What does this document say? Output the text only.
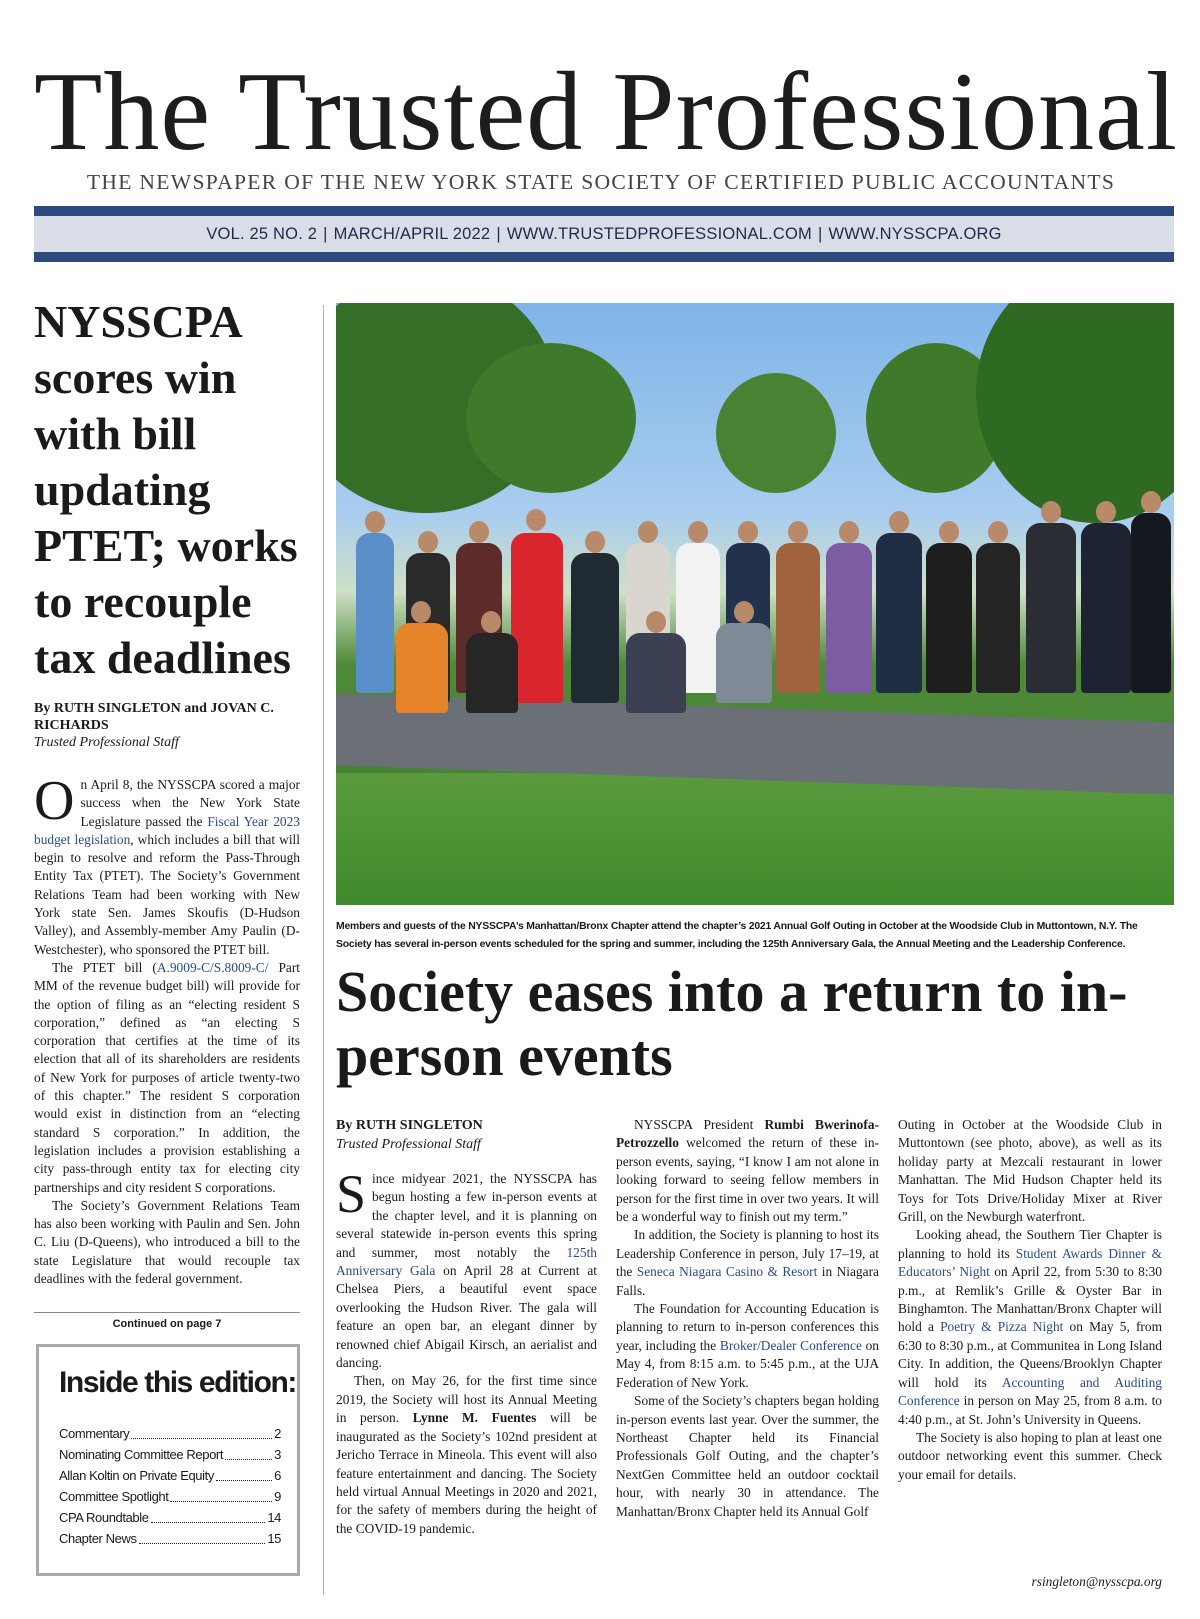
The Trusted Professional
THE NEWSPAPER OF THE NEW YORK STATE SOCIETY OF CERTIFIED PUBLIC ACCOUNTANTS
VOL. 25 NO. 2 | MARCH/APRIL 2022 | WWW.TRUSTEDPROFESSIONAL.COM | WWW.NYSSCPA.ORG
NYSSCPA scores win with bill updating PTET; works to recouple tax deadlines
By RUTH SINGLETON and JOVAN C. RICHARDS
Trusted Professional Staff

On April 8, the NYSSCPA scored a major success when the New York State Legislature passed the Fiscal Year 2023 budget legislation, which includes a bill that will begin to resolve and reform the Pass-Through Entity Tax (PTET). The Society’s Government Relations Team had been working with New York state Sen. James Skoufis (D-Hudson Valley), and Assembly-member Amy Paulin (D-Westchester), who sponsored the PTET bill.

The PTET bill (A.9009-C/S.8009-C/ Part MM of the revenue budget bill) will provide for the option of filing as an “electing resident S corporation,” defined as “an electing S corporation that certifies at the time of its election that all of its shareholders are residents of New York for purposes of article twenty-two of this chapter.” The resident S corporation would exist in distinction from an “electing standard S corporation.” In addition, the legislation includes a provision establishing a city pass-through entity tax for electing city partnerships and city resident S corporations.

The Society’s Government Relations Team has also been working with Paulin and Sen. John C. Liu (D-Queens), who introduced a bill to the state Legislature that would recouple tax deadlines with the federal government.

Continued on page 7
Inside this edition:
Commentary	2
Nominating Committee Report	3
Allan Koltin on Private Equity	6
Committee Spotlight	9
CPA Roundtable	14
Chapter News	15
Members and guests of the NYSSCPA’s Manhattan/Bronx Chapter attend the chapter’s 2021 Annual Golf Outing in October at the Woodside Club in Muttontown, N.Y. The Society has several in-person events scheduled for the spring and summer, including the 125th Anniversary Gala, the Annual Meeting and the Leadership Conference.
Society eases into a return to in-person events
By RUTH SINGLETON
Trusted Professional Staff

Since midyear 2021, the NYSSCPA has begun hosting a few in-person events at the chapter level, and it is planning on several statewide in-person events this spring and summer, most notably the 125th Anniversary Gala on April 28 at Current at Chelsea Piers, a beautiful event space overlooking the Hudson River. The gala will feature an open bar, an elegant dinner by renowned chief Abigail Kirsch, an aerialist and dancing.

Then, on May 26, for the first time since 2019, the Society will host its Annual Meeting in person. Lynne M. Fuentes will be inaugurated as the Society’s 102nd president at Jericho Terrace in Mineola. This event will also feature entertainment and dancing. The Society held virtual Annual Meetings in 2020 and 2021, for the safety of members during the height of the COVID-19 pandemic.

NYSSCPA President Rumbi Bwerinofa-Petrozzello welcomed the return of these in-person events, saying, “I know I am not alone in looking forward to seeing fellow members in person for the first time in over two years. It will be a wonderful way to finish out my term.”

In addition, the Society is planning to host its Leadership Conference in person, July 17–19, at the Seneca Niagara Casino & Resort in Niagara Falls.

The Foundation for Accounting Education is planning to return to in-person conferences this year, including the Broker/Dealer Conference on May 4, from 8:15 a.m. to 5:45 p.m., at the UJA Federation of New York.

Some of the Society’s chapters began holding in-person events last year. Over the summer, the Northeast Chapter held its Financial Professionals Golf Outing, and the chapter’s NextGen Committee held an outdoor cocktail hour, with nearly 30 in attendance. The Manhattan/Bronx Chapter held its Annual Golf

Outing in October at the Woodside Club in Muttontown (see photo, above), as well as its holiday party at Mezcali restaurant in lower Manhattan. The Mid Hudson Chapter held its Toys for Tots Drive/Holiday Mixer at River Grill, on the Newburgh waterfront.

Looking ahead, the Southern Tier Chapter is planning to hold its Student Awards Dinner & Educators’ Night on April 22, from 5:30 to 8:30 p.m., at Remlik’s Grille & Oyster Bar in Binghamton. The Manhattan/Bronx Chapter will hold a Poetry & Pizza Night on May 5, from 6:30 to 8:30 p.m., at Communitea in Long Island City. In addition, the Queens/Brooklyn Chapter will hold its Accounting and Auditing Conference in person on May 25, from 8 a.m. to 4:40 p.m., at St. John’s University in Queens.

The Society is also hoping to plan at least one outdoor networking event this summer. Check your email for details.

rsingleton@nysscpa.org
